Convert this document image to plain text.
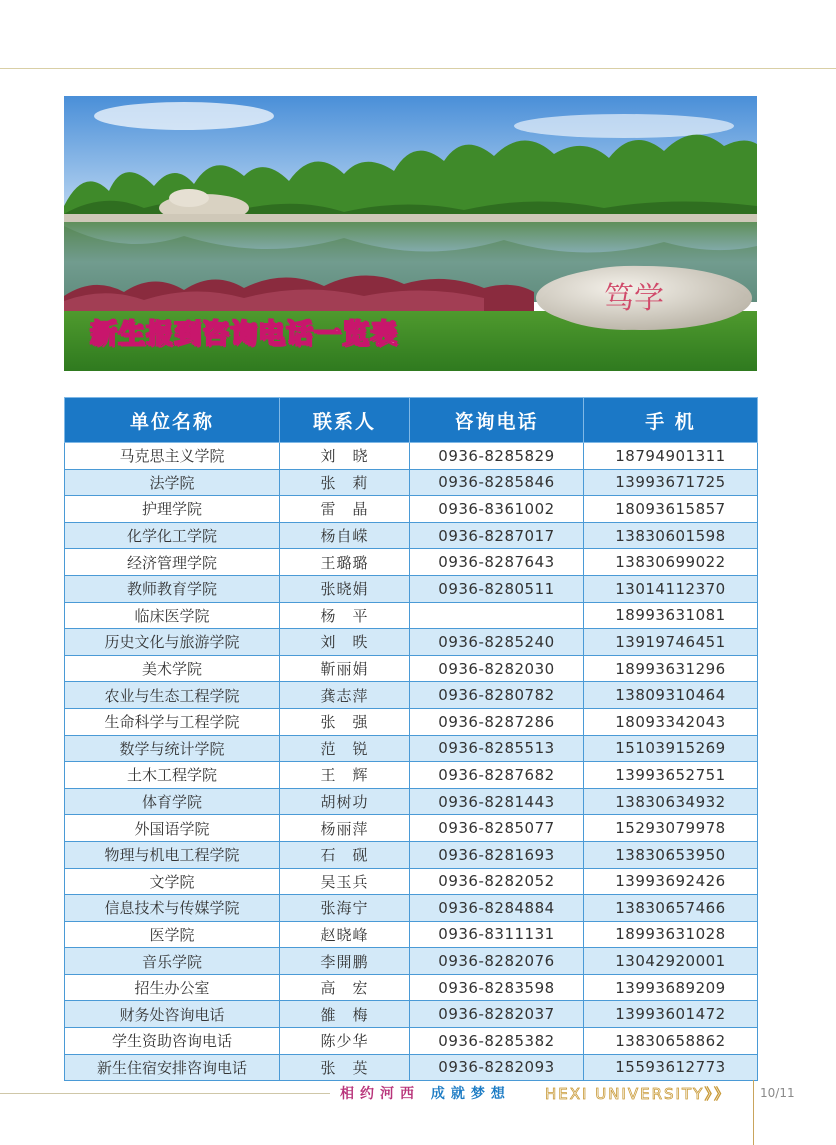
笃学
新生报到咨询电话一览表
单位名称	联系人	咨询电话	手 机
马克思主义学院	刘　晓	0936-8285829	18794901311
法学院	张　莉	0936-8285846	13993671725
护理学院	雷　晶	0936-8361002	18093615857
化学化工学院	杨自嵘	0936-8287017	13830601598
经济管理学院	王璐璐	0936-8287643	13830699022
教师教育学院	张晓娟	0936-8280511	13014112370
临床医学院	杨　平		18993631081
历史文化与旅游学院	刘　昳	0936-8285240	13919746451
美术学院	靳丽娟	0936-8282030	18993631296
农业与生态工程学院	龚志萍	0936-8280782	13809310464
生命科学与工程学院	张　强	0936-8287286	18093342043
数学与统计学院	范　锐	0936-8285513	15103915269
土木工程学院	王　辉	0936-8287682	13993652751
体育学院	胡树功	0936-8281443	13830634932
外国语学院	杨丽萍	0936-8285077	15293079978
物理与机电工程学院	石　砚	0936-8281693	13830653950
文学院	吴玉兵	0936-8282052	13993692426
信息技术与传媒学院	张海宁	0936-8284884	13830657466
医学院	赵晓峰	0936-8311131	18993631028
音乐学院	李開鹏	0936-8282076	13042920001
招生办公室	高　宏	0936-8283598	13993689209
财务处咨询电话	雒　梅	0936-8282037	13993601472
学生资助咨询电话	陈少华	0936-8285382	13830658862
新生住宿安排咨询电话	张　英	0936-8282093	15593612773
相约河西 成就梦想 HEXI UNIVERSITY》》 10/11
